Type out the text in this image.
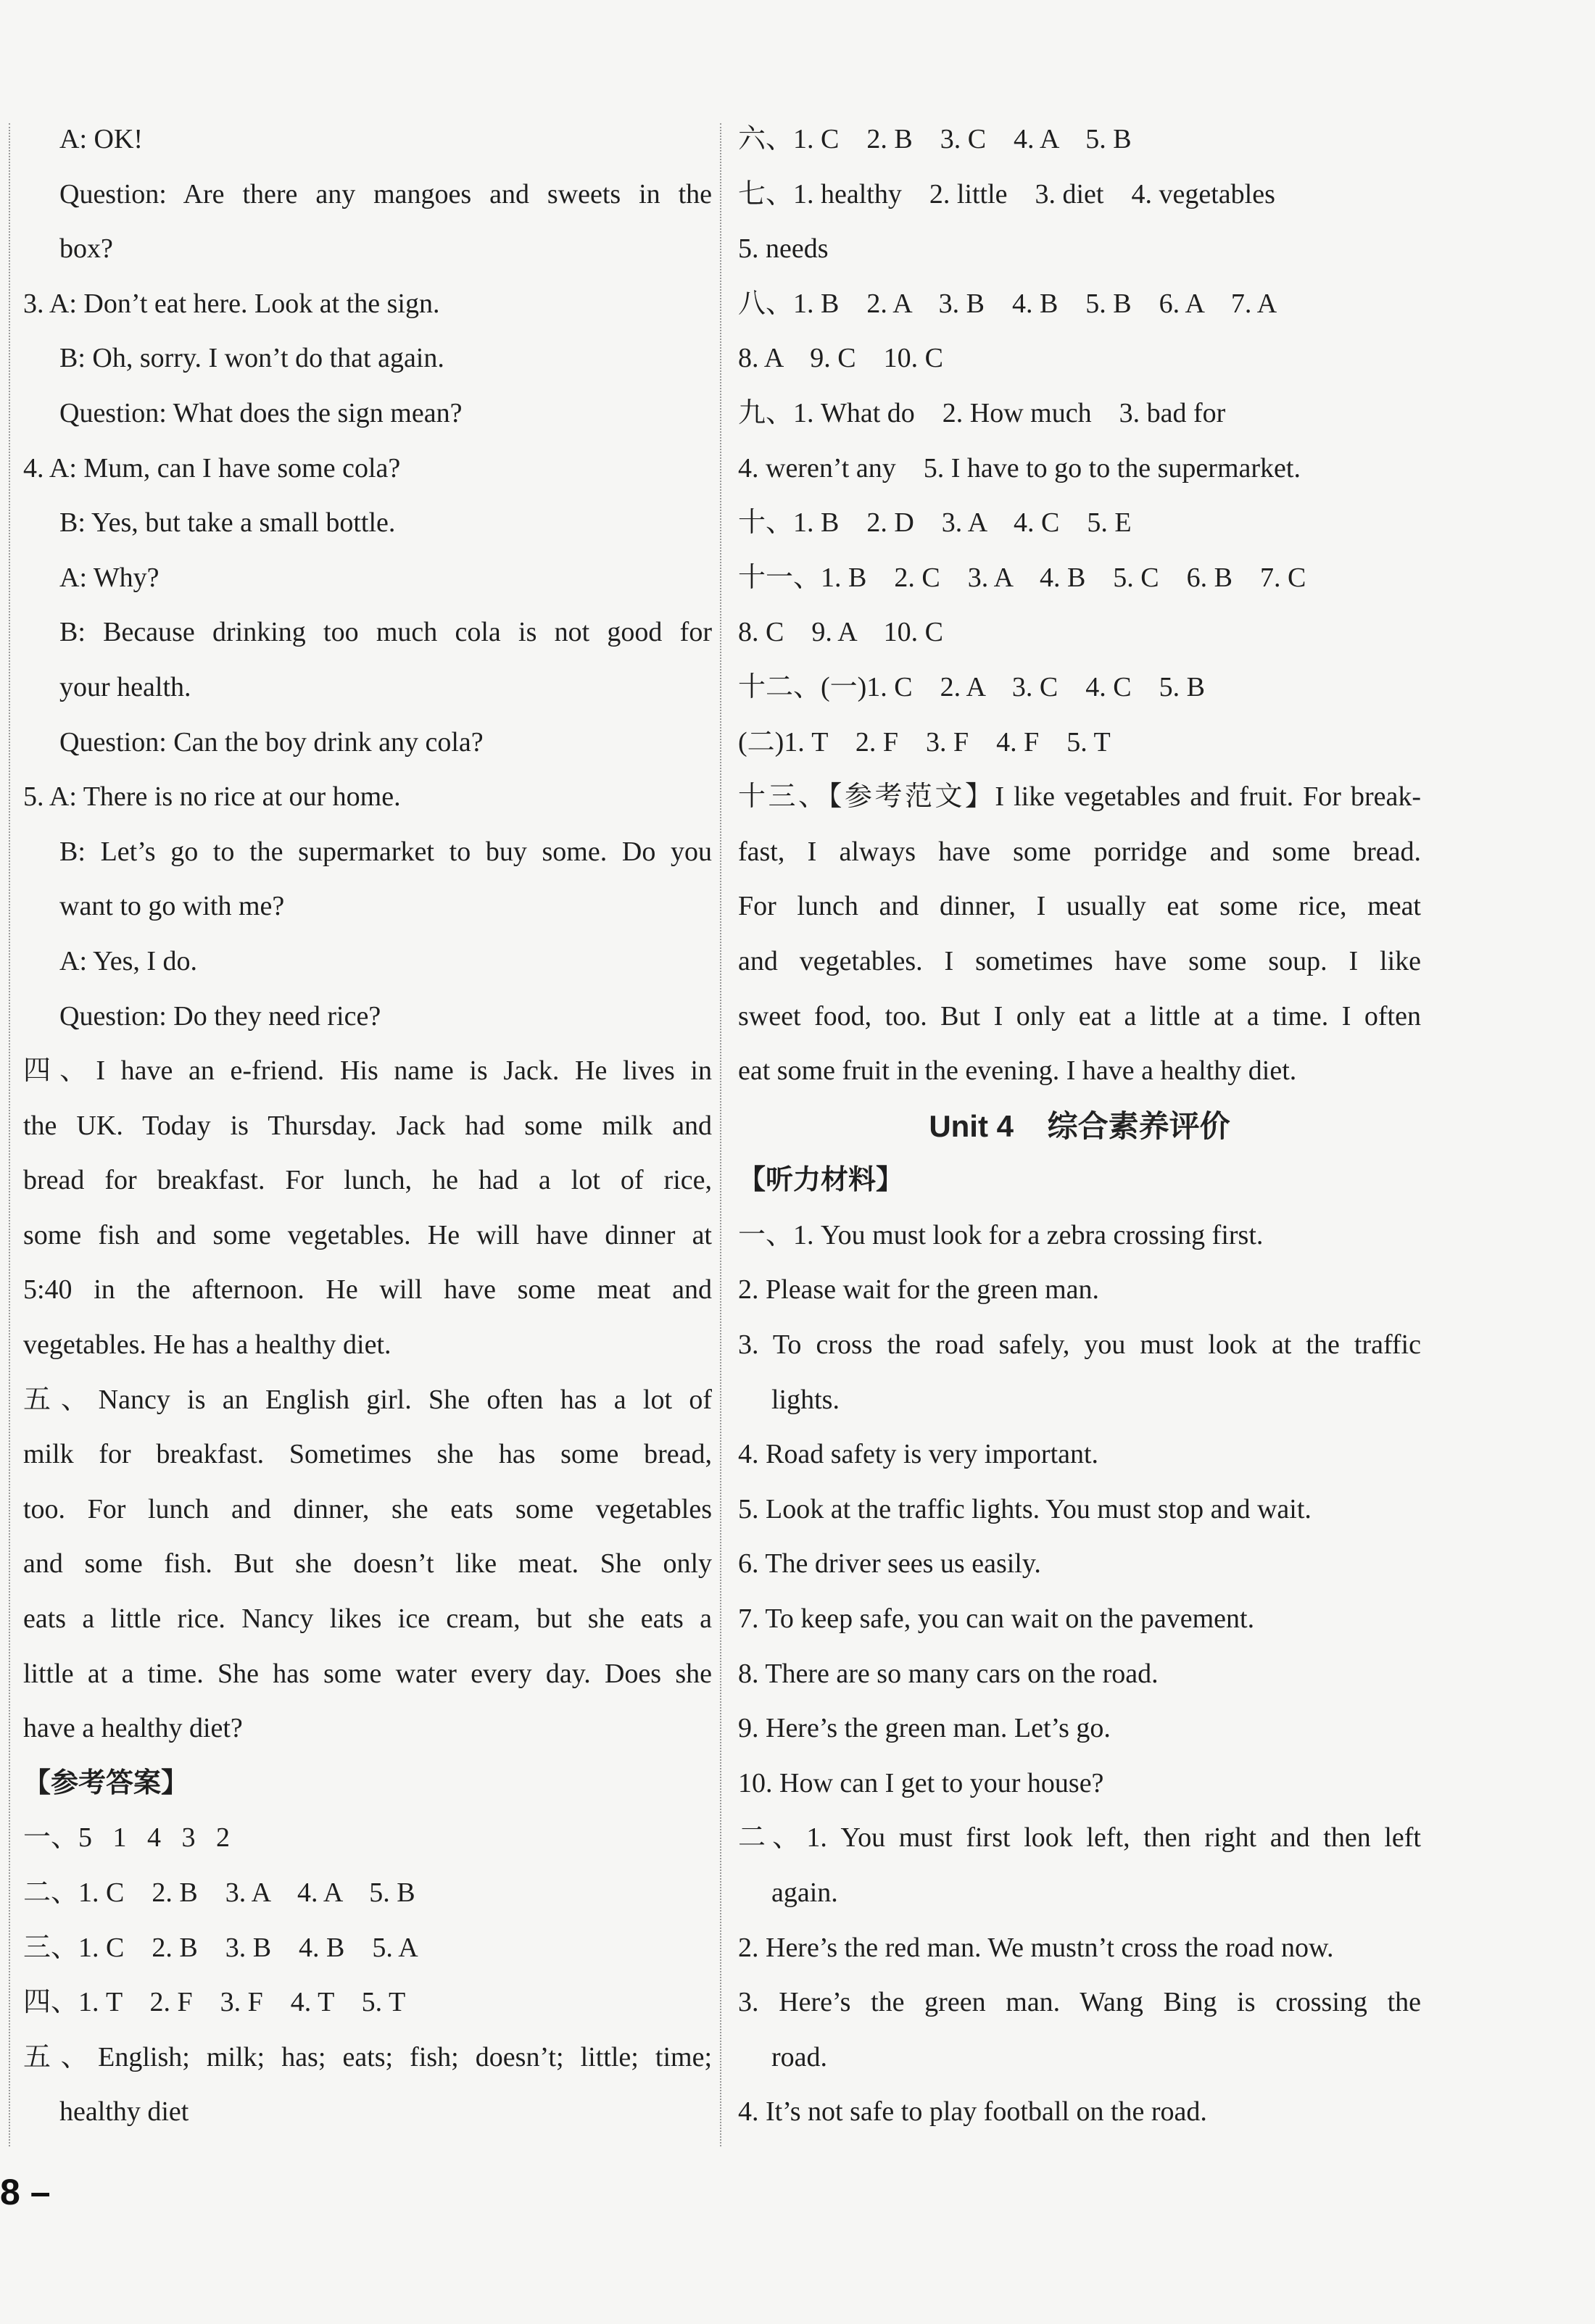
A: OK!
Question: Are there any mangoes and sweets in the
box?
3. A: Don’t eat here. Look at the sign.
B: Oh, sorry. I won’t do that again.
Question: What does the sign mean?
4. A: Mum, can I have some cola?
B: Yes, but take a small bottle.
A: Why?
B: Because drinking too much cola is not good for
your health.
Question: Can the boy drink any cola?
5. A: There is no rice at our home.
B: Let’s go to the supermarket to buy some. Do you
want to go with me?
A: Yes, I do.
Question: Do they need rice?
四、I have an e-friend. His name is Jack. He lives in
the UK. Today is Thursday. Jack had some milk and
bread for breakfast. For lunch, he had a lot of rice,
some fish and some vegetables. He will have dinner at
5:40 in the afternoon. He will have some meat and
vegetables. He has a healthy diet.
五、Nancy is an English girl. She often has a lot of
milk for breakfast. Sometimes she has some bread,
too. For lunch and dinner, she eats some vegetables
and some fish. But she doesn’t like meat. She only
eats a little rice. Nancy likes ice cream, but she eats a
little at a time. She has some water every day. Does she
have a healthy diet?
【参考答案】
一、5   1   4   3   2
二、1. C    2. B    3. A    4. A    5. B
三、1. C    2. B    3. B    4. B    5. A
四、1. T    2. F    3. F    4. T    5. T
五、English; milk; has; eats; fish; doesn’t; little; time;
healthy diet
六、1. C    2. B    3. C    4. A    5. B
七、1. healthy    2. little    3. diet    4. vegetables
5. needs
八、1. B    2. A    3. B    4. B    5. B    6. A    7. A
8. A    9. C    10. C
九、1. What do    2. How much    3. bad for
4. weren’t any    5. I have to go to the supermarket.
十、1. B    2. D    3. A    4. C    5. E
十一、1. B    2. C    3. A    4. B    5. C    6. B    7. C
8. C    9. A    10. C
十二、(一)1. C    2. A    3. C    4. C    5. B
(二)1. T    2. F    3. F    4. F    5. T
十三、【参考范文】I like vegetables and fruit. For break-
fast, I always have some porridge and some bread.
For lunch and dinner, I usually eat some rice, meat
and vegetables. I sometimes have some soup. I like
sweet food, too. But I only eat a little at a time. I often
eat some fruit in the evening. I have a healthy diet.
Unit 4    综合素养评价
【听力材料】
一、1. You must look for a zebra crossing first.
2. Please wait for the green man.
3. To cross the road safely, you must look at the traffic
lights.
4. Road safety is very important.
5. Look at the traffic lights. You must stop and wait.
6. The driver sees us easily.
7. To keep safe, you can wait on the pavement.
8. There are so many cars on the road.
9. Here’s the green man. Let’s go.
10. How can I get to your house?
二、1. You must first look left, then right and then left
again.
2. Here’s the red man. We mustn’t cross the road now.
3. Here’s the green man. Wang Bing is crossing the
road.
4. It’s not safe to play football on the road.
8 –
